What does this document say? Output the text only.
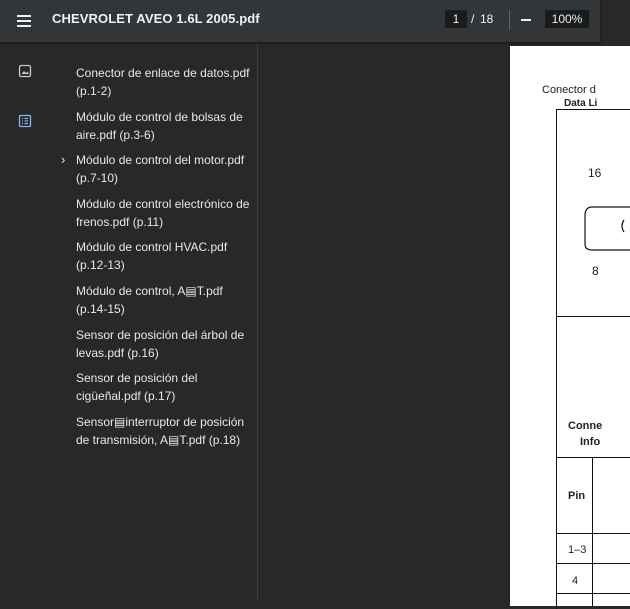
CHEVROLET AVEO 1.6L 2005.pdf	1 / 18	100%
Conector de enlace de datos.pdf (p.1-2)
Módulo de control de bolsas de aire.pdf (p.3-6)
› Módulo de control del motor.pdf (p.7-10)
Módulo de control electrónico de frenos.pdf (p.11)
Módulo de control HVAC.pdf (p.12-13)
Módulo de control, A▤T.pdf (p.14-15)
Sensor de posición del árbol de levas.pdf (p.16)
Sensor de posición del cigüeñal.pdf (p.17)
Sensor▤interruptor de posición de transmisión, A▤T.pdf (p.18)
Conector d
Data Li
16
8
Conne
Info
Pin
1–3
4
